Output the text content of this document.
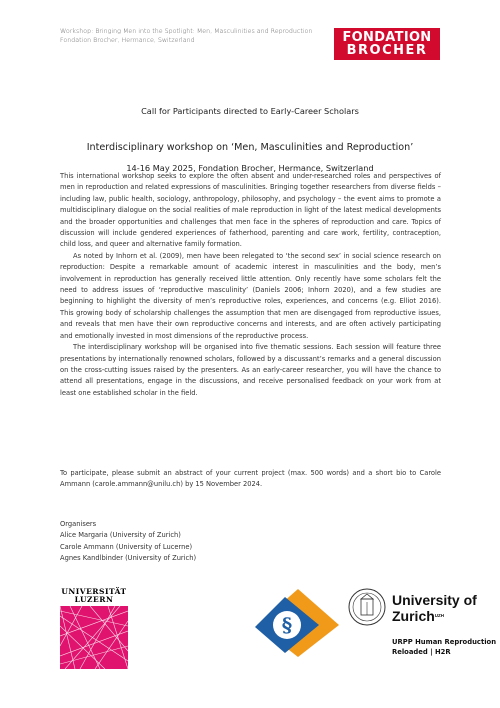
Workshop: Bringing Men into the Spotlight: Men, Masculinities and Reproduction
Fondation Brocher, Hermance, Switzerland	FONDATION
BROCHER
Call for Participants directed to Early-Career Scholars
Interdisciplinary workshop on ‘Men, Masculinities and Reproduction’
14-16 May 2025, Fondation Brocher, Hermance, Switzerland

This international workshop seeks to explore the often absent and under-researched roles and perspectives of men in reproduction and related expressions of masculinities. Bringing together researchers from diverse fields – including law, public health, sociology, anthropology, philosophy, and psychology – the event aims to promote a multidisciplinary dialogue on the social realities of male reproduction in light of the latest medical developments and the broader opportunities and challenges that men face in the spheres of reproduction and care. Topics of discussion will include gendered experiences of fatherhood, parenting and care work, fertility, contraception, child loss, and queer and alternative family formation.

As noted by Inhorn et al. (2009), men have been relegated to ‘the second sex’ in social science research on reproduction: Despite a remarkable amount of academic interest in masculinities and the body, men’s involvement in reproduction has generally received little attention. Only recently have some scholars felt the need to address issues of ‘reproductive masculinity’ (Daniels 2006; Inhorn 2020), and a few studies are beginning to highlight the diversity of men’s reproductive roles, experiences, and concerns (e.g. Elliot 2016). This growing body of scholarship challenges the assumption that men are disengaged from reproductive issues, and reveals that men have their own reproductive concerns and interests, and are often actively participating and emotionally invested in most dimensions of the reproductive process.

The interdisciplinary workshop will be organised into five thematic sessions. Each session will feature three presentations by internationally renowned scholars, followed by a discussant’s remarks and a general discussion on the cross-cutting issues raised by the presenters. As an early-career researcher, you will have the chance to attend all presentations, engage in the discussions, and receive personalised feedback on your work from at least one established scholar in the field.

To participate, please submit an abstract of your current project (max. 500 words) and a short bio to Carole Ammann (carole.ammann@unilu.ch) by 15 November 2024.
Organisers
Alice Margaria (University of Zurich)
Carole Ammann (University of Lucerne)
Agnes Kandlbinder (University of Zurich)
UNIVERSITÄT
LUZERN
§
University of
Zurich$^{UZH}$
URPP Human Reproduction
Reloaded | H2R
